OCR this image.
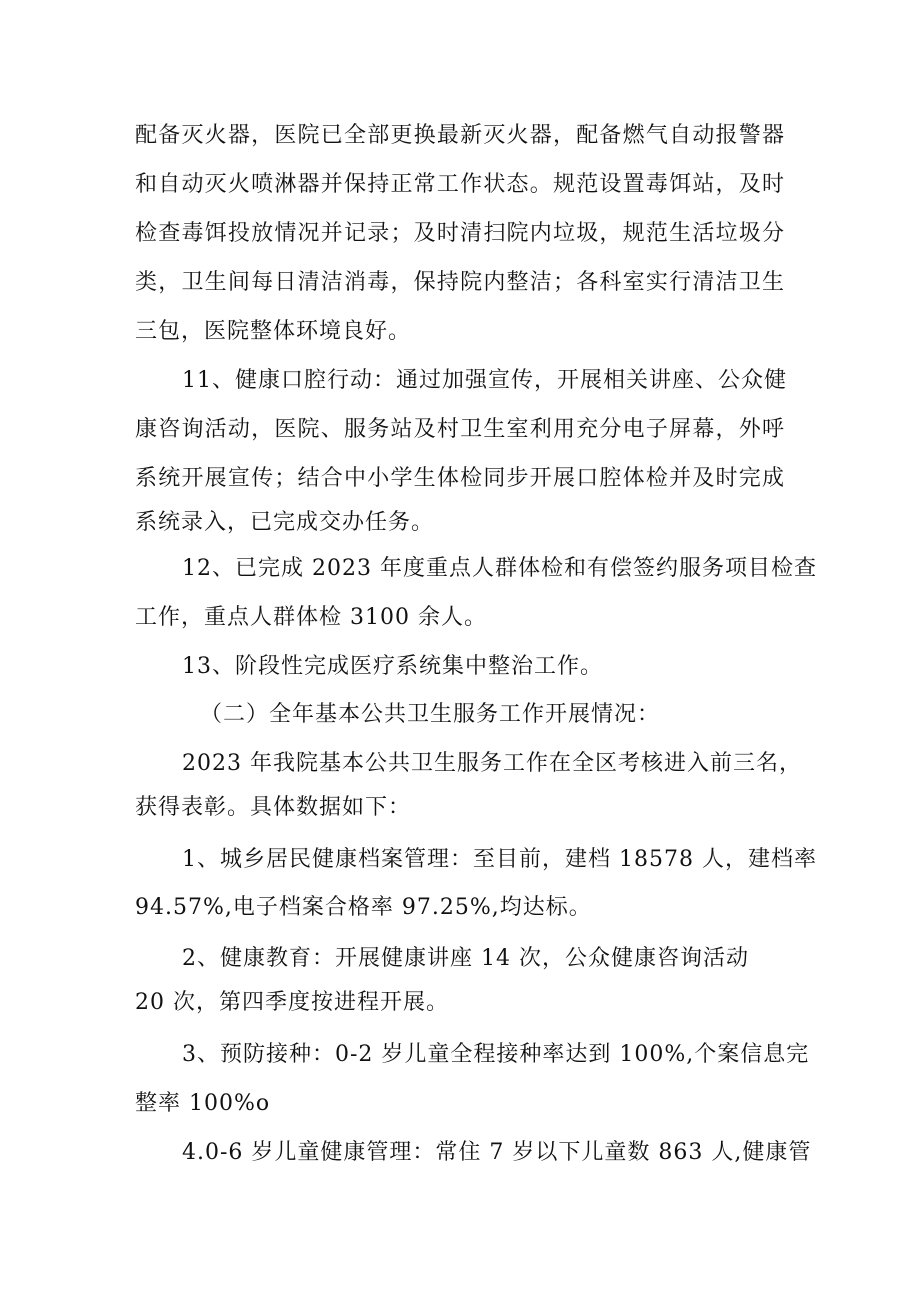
配备灭火器，医院已全部更换最新灭火器，配备燃气自动报警器
和自动灭火喷淋器并保持正常工作状态。规范设置毒饵站，及时
检查毒饵投放情况并记录；及时清扫院内垃圾，规范生活垃圾分
类，卫生间每日清洁消毒，保持院内整洁；各科室实行清洁卫生
三包，医院整体环境良好。
11、健康口腔行动：通过加强宣传，开展相关讲座、公众健
康咨询活动，医院、服务站及村卫生室利用充分电子屏幕，外呼
系统开展宣传；结合中小学生体检同步开展口腔体检并及时完成
系统录入，已完成交办任务。
12、已完成 2023 年度重点人群体检和有偿签约服务项目检查
工作，重点人群体检 3100 余人。
13、阶段性完成医疗系统集中整治工作。
（二）全年基本公共卫生服务工作开展情况：
2023 年我院基本公共卫生服务工作在全区考核进入前三名，
获得表彰。具体数据如下：
1、城乡居民健康档案管理：至目前，建档 18578 人，建档率
94.57%,电子档案合格率 97.25%,均达标。
2、健康教育：开展健康讲座 14 次，公众健康咨询活动
20 次，第四季度按进程开展。
3、预防接种：0-2 岁儿童全程接种率达到 100%,个案信息完
整率 100%o
4.0-6 岁儿童健康管理：常住 7 岁以下儿童数 863 人,健康管
